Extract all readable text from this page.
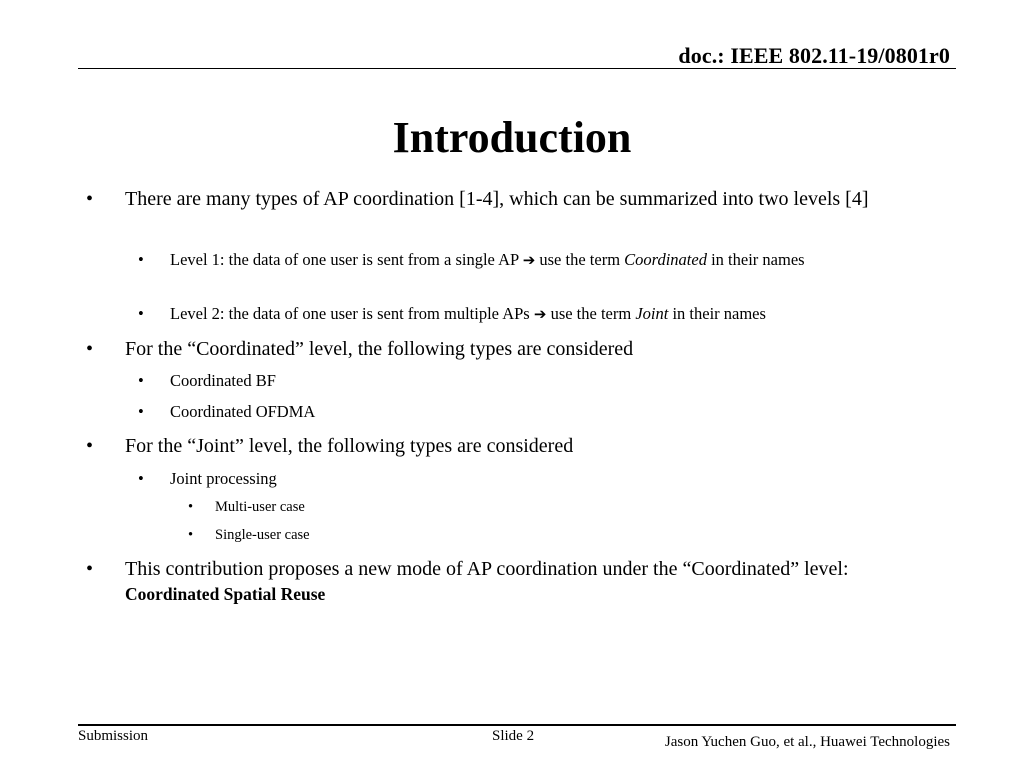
doc.: IEEE 802.11-19/0801r0
Introduction
• There are many types of AP coordination [1-4], which can be summarized into two levels [4]
• Level 1: the data of one user is sent from a single AP ➔ use the term Coordinated in their names
• Level 2: the data of one user is sent from multiple APs ➔ use the term Joint in their names
• For the “Coordinated” level, the following types are considered
• Coordinated BF
• Coordinated OFDMA
• For the “Joint” level, the following types are considered
• Joint processing
• Multi-user case
• Single-user case
• This contribution proposes a new mode of AP coordination under the “Coordinated” level: Coordinated Spatial Reuse
Submission	Slide 2	Jason Yuchen Guo, et al., Huawei Technologies
